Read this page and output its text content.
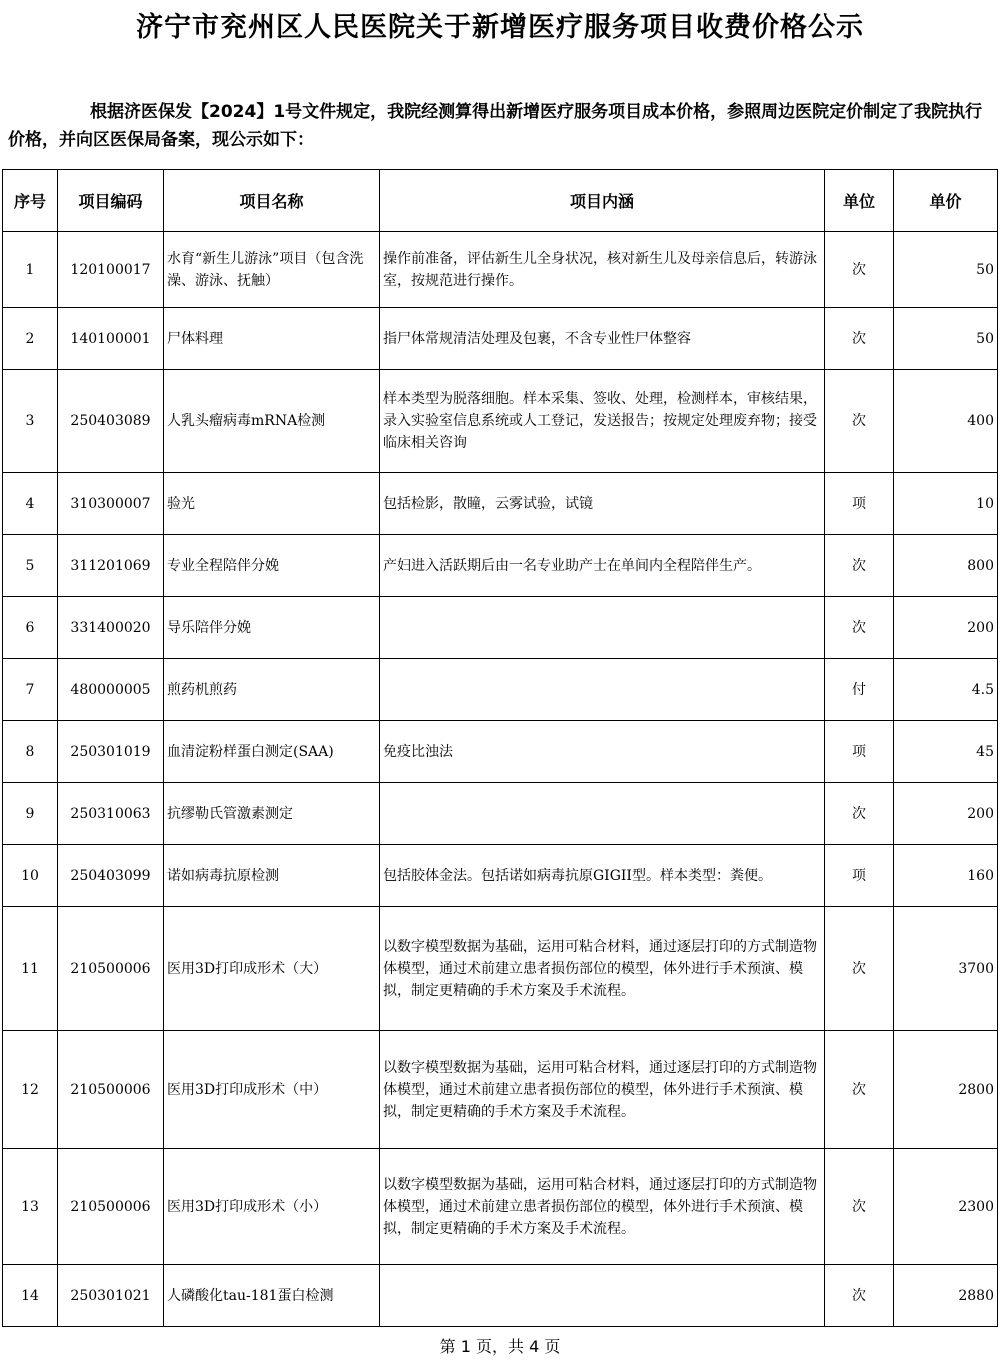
济宁市兖州区人民医院关于新增医疗服务项目收费价格公示
根据济医保发【2024】1号文件规定，我院经测算得出新增医疗服务项目成本价格，参照周边医院定价制定了我院执行价格，并向区医保局备案，现公示如下：
序号	项目编码	项目名称	项目内涵	单位	单价
1	120100017	水育“新生儿游泳”项目（包含洗澡、游泳、抚触）	操作前准备，评估新生儿全身状况，核对新生儿及母亲信息后，转游泳室，按规范进行操作。	次	50
2	140100001	尸体料理	指尸体常规清洁处理及包裹，不含专业性尸体整容	次	50
3	250403089	人乳头瘤病毒mRNA检测	样本类型为脱落细胞。样本采集、签收、处理，检测样本，审核结果，录入实验室信息系统或人工登记，发送报告；按规定处理废弃物；接受临床相关咨询	次	400
4	310300007	验光	包括检影，散瞳，云雾试验，试镜	项	10
5	311201069	专业全程陪伴分娩	产妇进入活跃期后由一名专业助产士在单间内全程陪伴生产。	次	800
6	331400020	导乐陪伴分娩		次	200
7	480000005	煎药机煎药		付	4.5
8	250301019	血清淀粉样蛋白测定(SAA)	免疫比浊法	项	45
9	250310063	抗缪勒氏管激素测定		次	200
10	250403099	诺如病毒抗原检测	包括胶体金法。包括诺如病毒抗原GIGII型。样本类型：粪便。	项	160
11	210500006	医用3D打印成形术（大）	以数字模型数据为基础，运用可粘合材料，通过逐层打印的方式制造物体模型，通过术前建立患者损伤部位的模型，体外进行手术预演、模拟，制定更精确的手术方案及手术流程。	次	3700
12	210500006	医用3D打印成形术（中）	以数字模型数据为基础，运用可粘合材料，通过逐层打印的方式制造物体模型，通过术前建立患者损伤部位的模型，体外进行手术预演、模拟，制定更精确的手术方案及手术流程。	次	2800
13	210500006	医用3D打印成形术（小）	以数字模型数据为基础，运用可粘合材料，通过逐层打印的方式制造物体模型，通过术前建立患者损伤部位的模型，体外进行手术预演、模拟，制定更精确的手术方案及手术流程。	次	2300
14	250301021	人磷酸化tau-181蛋白检测		次	2880
第 1 页，共 4 页
